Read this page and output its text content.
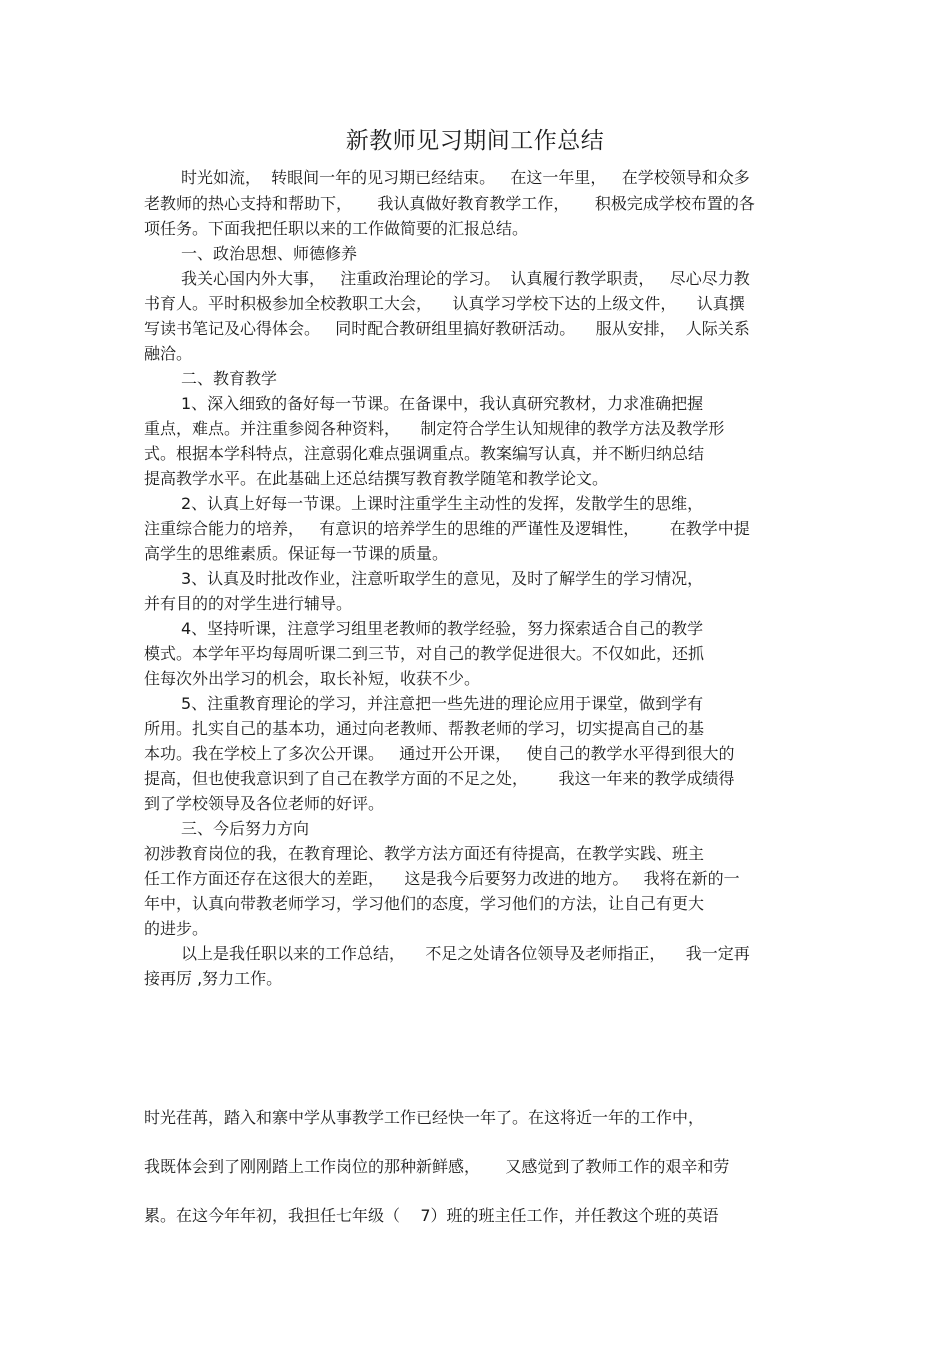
新教师见习期间工作总结
时光如流，  转眼间一年的见习期已经结束。   在这一年里，   在学校领导和众多
老教师的热心支持和帮助下，     我认真做好教育教学工作，     积极完成学校布置的各
项任务。下面我把任职以来的工作做简要的汇报总结。
一、政治思想、师德修养
我关心国内外大事，   注重政治理论的学习。  认真履行教学职责，   尽心尽力教
书育人。平时积极参加全校教职工大会，    认真学习学校下达的上级文件，    认真撰
写读书笔记及心得体会。   同时配合教研组里搞好教研活动。    服从安排，  人际关系
融洽。
二、教育教学
1、深入细致的备好每一节课。在备课中，我认真研究教材，力求准确把握
重点，难点。并注重参阅各种资料，    制定符合学生认知规律的教学方法及教学形
式。根据本学科特点，注意弱化难点强调重点。教案编写认真，并不断归纳总结
提高教学水平。在此基础上还总结撰写教育教学随笔和教学论文。
2、认真上好每一节课。上课时注重学生主动性的发挥，发散学生的思维，
注重综合能力的培养，   有意识的培养学生的思维的严谨性及逻辑性，      在教学中提
高学生的思维素质。保证每一节课的质量。
3、认真及时批改作业，注意听取学生的意见，及时了解学生的学习情况，
并有目的的对学生进行辅导。
4、坚持听课，注意学习组里老教师的教学经验，努力探索适合自己的教学
模式。本学年平均每周听课二到三节，对自己的教学促进很大。不仅如此，还抓
住每次外出学习的机会，取长补短，收获不少。
5、注重教育理论的学习，并注意把一些先进的理论应用于课堂，做到学有
所用。扎实自己的基本功，通过向老教师、帮教老师的学习，切实提高自己的基
本功。我在学校上了多次公开课。   通过开公开课，   使自己的教学水平得到很大的
提高，但也使我意识到了自己在教学方面的不足之处，      我这一年来的教学成绩得
到了学校领导及各位老师的好评。
三、今后努力方向
初涉教育岗位的我，在教育理论、教学方法方面还有待提高，在教学实践、班主
任工作方面还存在这很大的差距，    这是我今后要努力改进的地方。   我将在新的一
年中，认真向带教老师学习，学习他们的态度，学习他们的方法，让自己有更大
的进步。
以上是我任职以来的工作总结，    不足之处请各位领导及老师指正，    我一定再
接再厉 ,努力工作。
时光荏苒，踏入和寨中学从事教学工作已经快一年了。在这将近一年的工作中，
我既体会到了刚刚踏上工作岗位的那种新鲜感，     又感觉到了教师工作的艰辛和劳
累。在这今年年初，我担任七年级（    7）班的班主任工作，并任教这个班的英语
